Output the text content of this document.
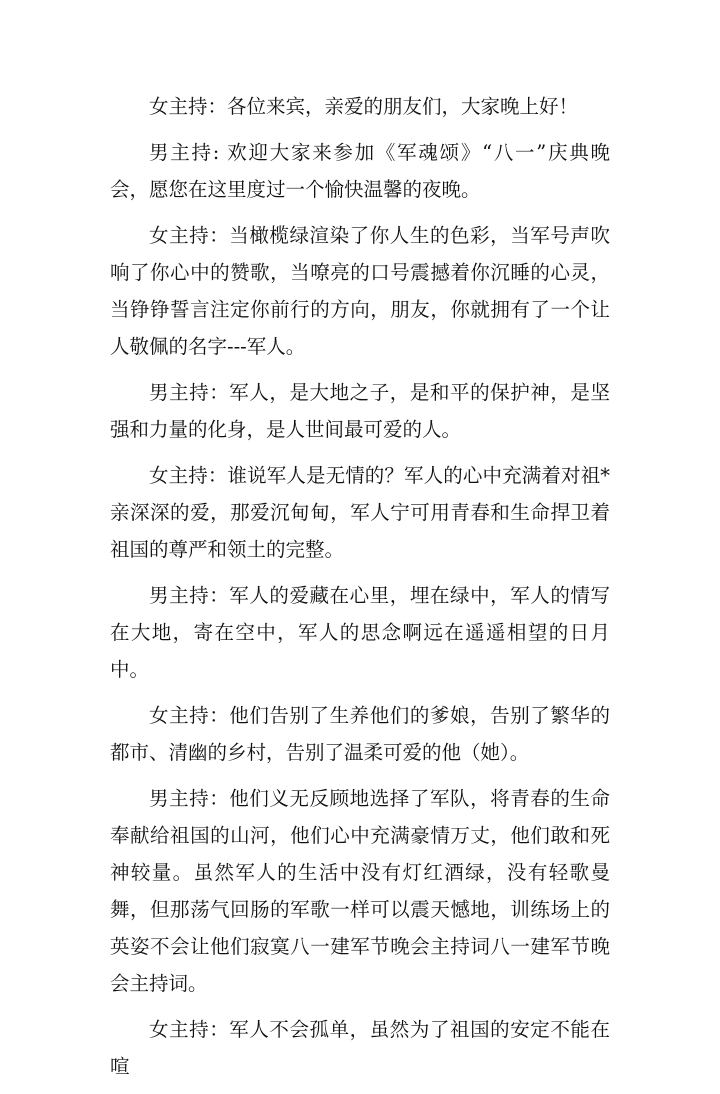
女主持：各位来宾，亲爱的朋友们，大家晚上好！

男主持: 欢迎大家来参加《军魂颂》“八一”庆典晚会，愿您在这里度过一个愉快温馨的夜晚。

女主持：当橄榄绿渲染了你人生的色彩，当军号声吹响了你心中的赞歌，当嘹亮的口号震撼着你沉睡的心灵，当铮铮誓言注定你前行的方向，朋友，你就拥有了一个让人敬佩的名字---军人。

男主持：军人，是大地之子，是和平的保护神，是坚强和力量的化身，是人世间最可爱的人。

女主持：谁说军人是无情的？军人的心中充满着对祖*亲深深的爱，那爱沉甸甸，军人宁可用青春和生命捍卫着祖国的尊严和领土的完整。

男主持：军人的爱藏在心里，埋在绿中，军人的情写在大地，寄在空中，军人的思念啊远在遥遥相望的日月中。

女主持：他们告别了生养他们的爹娘，告别了繁华的都市、清幽的乡村，告别了温柔可爱的他（她）。

男主持：他们义无反顾地选择了军队，将青春的生命奉献给祖国的山河，他们心中充满豪情万丈，他们敢和死神较量。虽然军人的生活中没有灯红酒绿，没有轻歌曼舞，但那荡气回肠的军歌一样可以震天憾地，训练场上的英姿不会让他们寂寞八一建军节晚会主持词八一建军节晚会主持词。

女主持：军人不会孤单，虽然为了祖国的安定不能在喧
